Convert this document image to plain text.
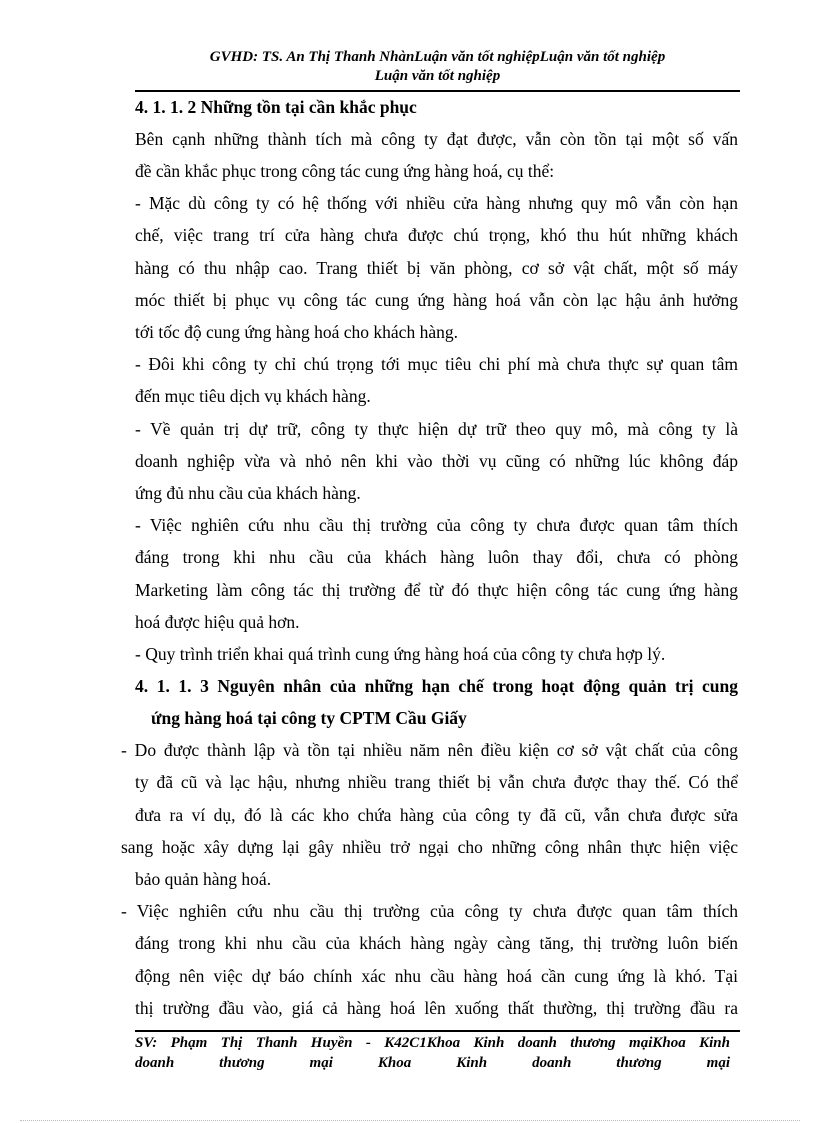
GVHD: TS. An Thị Thanh NhànLuận văn tốt nghiệpLuận văn tốt nghiệp
Luận văn tốt nghiệp
4. 1. 1. 2 Những tồn tại cần khắc phục
Bên cạnh những thành tích mà công ty đạt được, vẫn còn tồn tại một số vấn
đề cần khắc phục trong công tác cung ứng hàng hoá, cụ thể:
- Mặc dù công ty có hệ thống với nhiều cửa hàng nhưng quy mô vẫn còn hạn
chế, việc trang trí cửa hàng chưa được chú trọng, khó thu hút những khách
hàng có thu nhập cao. Trang thiết bị văn phòng, cơ sở vật chất, một số máy
móc thiết bị phục vụ công tác cung ứng hàng hoá vẫn còn lạc hậu ảnh hưởng
tới tốc độ cung ứng hàng hoá cho khách hàng.
- Đôi khi công ty chỉ chú trọng tới mục tiêu chi phí mà chưa thực sự quan tâm
đến mục tiêu dịch vụ khách hàng.
- Về quản trị dự trữ, công ty thực hiện dự trữ theo quy mô, mà công ty là
doanh nghiệp vừa và nhỏ nên khi vào thời vụ cũng có những lúc không đáp
ứng đủ nhu cầu của khách hàng.
- Việc nghiên cứu nhu cầu thị trường của công ty chưa được quan tâm thích
đáng trong khi nhu cầu của khách hàng luôn thay đổi, chưa có phòng
Marketing làm công tác thị trường để từ đó thực hiện công tác cung ứng hàng
hoá được hiệu quả hơn.
- Quy trình triển khai quá trình cung ứng hàng hoá của công ty chưa hợp lý.
4. 1. 1. 3 Nguyên nhân của những hạn chế trong hoạt động quản trị cung
ứng hàng hoá tại công ty CPTM Cầu Giấy
- Do được thành lập và tồn tại nhiều năm nên điều kiện cơ sở vật chất của công
ty đã cũ và lạc hậu, nhưng nhiều trang thiết bị vẫn chưa được thay thế. Có thể
đưa ra ví dụ, đó là các kho chứa hàng của công ty đã cũ, vẫn chưa được sửa
sang hoặc xây dựng lại gây nhiều trở ngại cho những công nhân thực hiện việc
bảo quản hàng hoá.
- Việc nghiên cứu nhu cầu thị trường của công ty chưa được quan tâm thích
đáng trong khi nhu cầu của khách hàng ngày càng tăng, thị trường luôn biến
động nên việc dự báo chính xác nhu cầu hàng hoá cần cung ứng là khó. Tại
thị trường đầu vào, giá cả hàng hoá lên xuống thất thường, thị trường đầu ra
SV: Phạm Thị Thanh Huyền - K42C1Khoa Kinh doanh thương mạiKhoa Kinh
doanh thương mại	Khoa Kinh doanh thương mại
